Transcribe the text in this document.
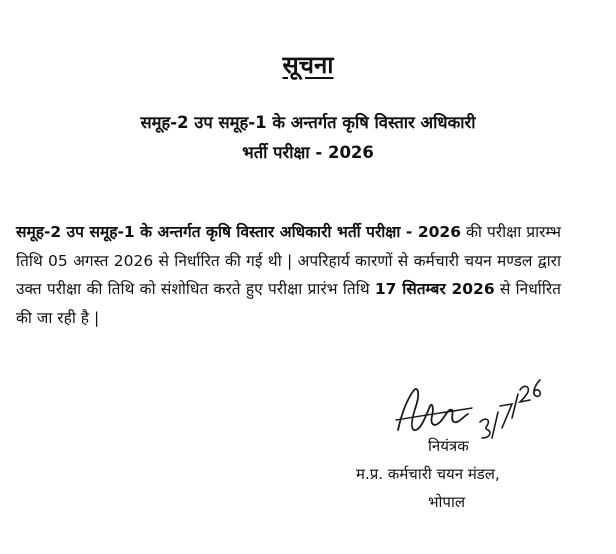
सूचना
समूह-2 उप समूह-1 के अन्तर्गत कृषि विस्तार अधिकारी
भर्ती परीक्षा - 2026
समूह-2 उप समूह-1 के अन्तर्गत कृषि विस्तार अधिकारी भर्ती परीक्षा - 2026 की परीक्षा प्रारम्भ तिथि 05 अगस्त 2026 से निर्धारित की गई थी | अपरिहार्य कारणों से कर्मचारी चयन मण्डल द्वारा उक्त परीक्षा की तिथि को संशोधित करते हुए परीक्षा प्रारंभ तिथि 17 सितम्बर 2026 से निर्धारित की जा रही है |
नियंत्रक
म.प्र. कर्मचारी चयन मंडल,
भोपाल
